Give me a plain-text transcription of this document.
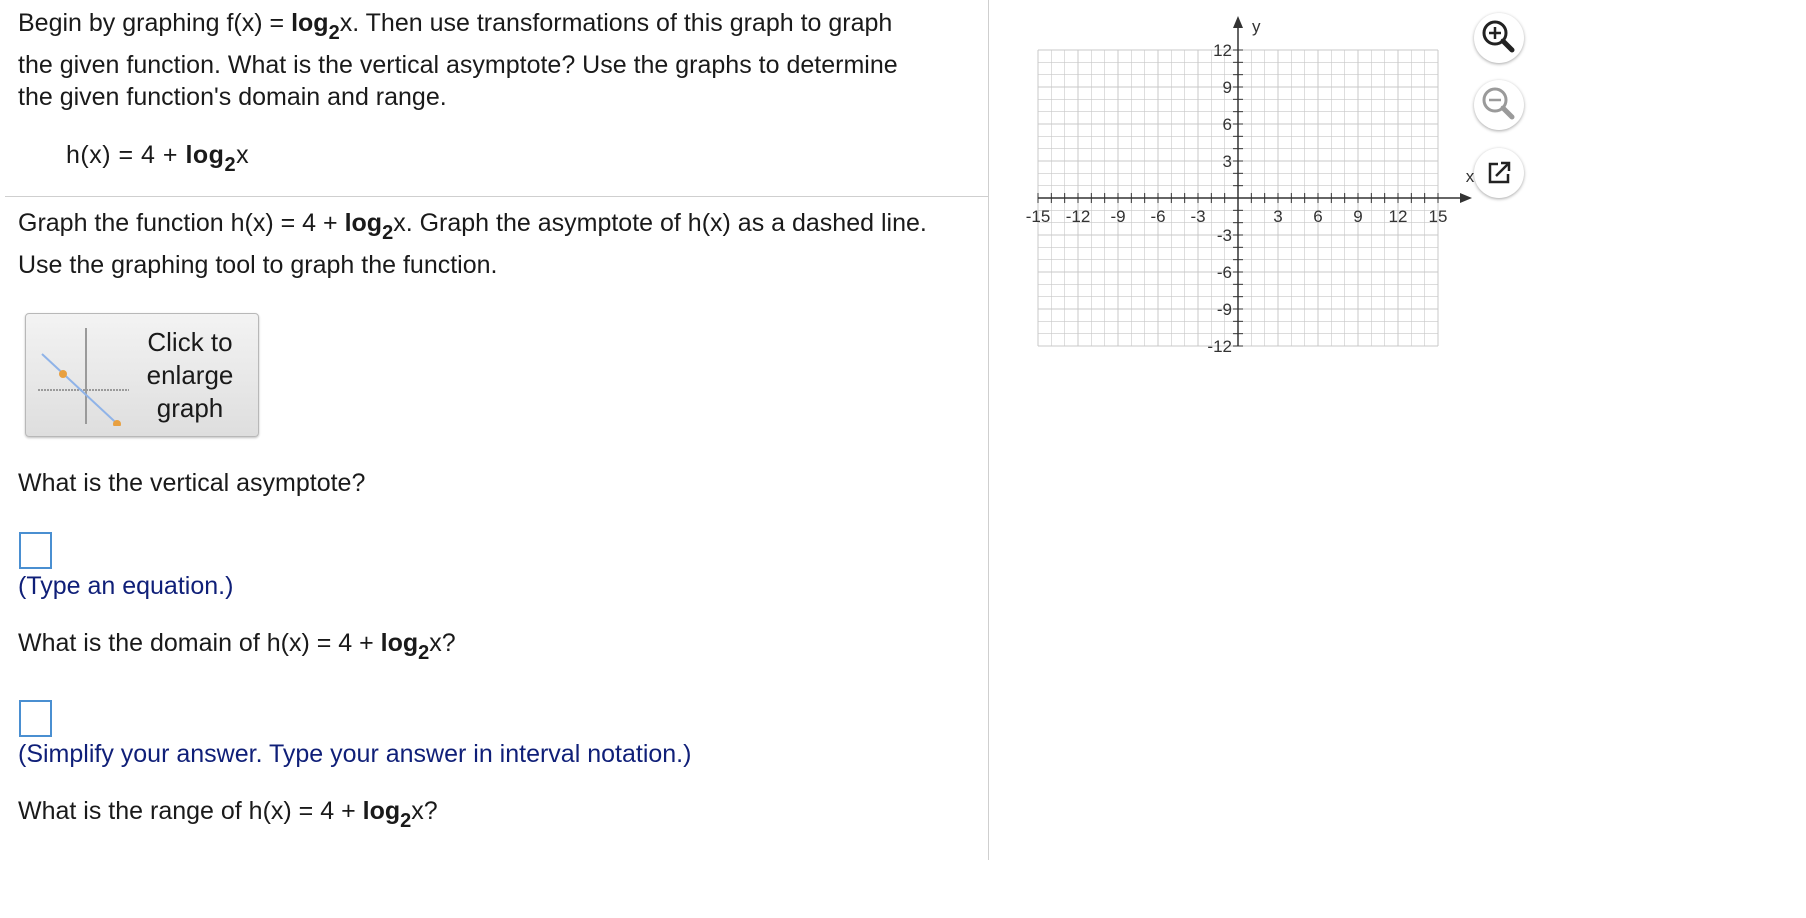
Begin by graphing $f(x) = \log_2x$. Then use transformations of this graph to graph
the given function. What is the vertical asymptote? Use the graphs to determine
the given function's domain and range.
$h(x) = 4 + \log_2x$
Graph the function $h(x) = 4 + \log_2x$. Graph the asymptote of h(x) as a dashed line.
Use the graphing tool to graph the function.
Click to enlarge graph
What is the vertical asymptote?
(Type an equation.)
What is the domain of $h(x) = 4 + \log_2x$?
(Simplify your answer. Type your answer in interval notation.)
What is the range of $h(x) = 4 + \log_2x$?
-15 -12 -9 -6 -3	3 6 9 12 15
12
9
6
3
-3
-6
-9
-12
x
y
